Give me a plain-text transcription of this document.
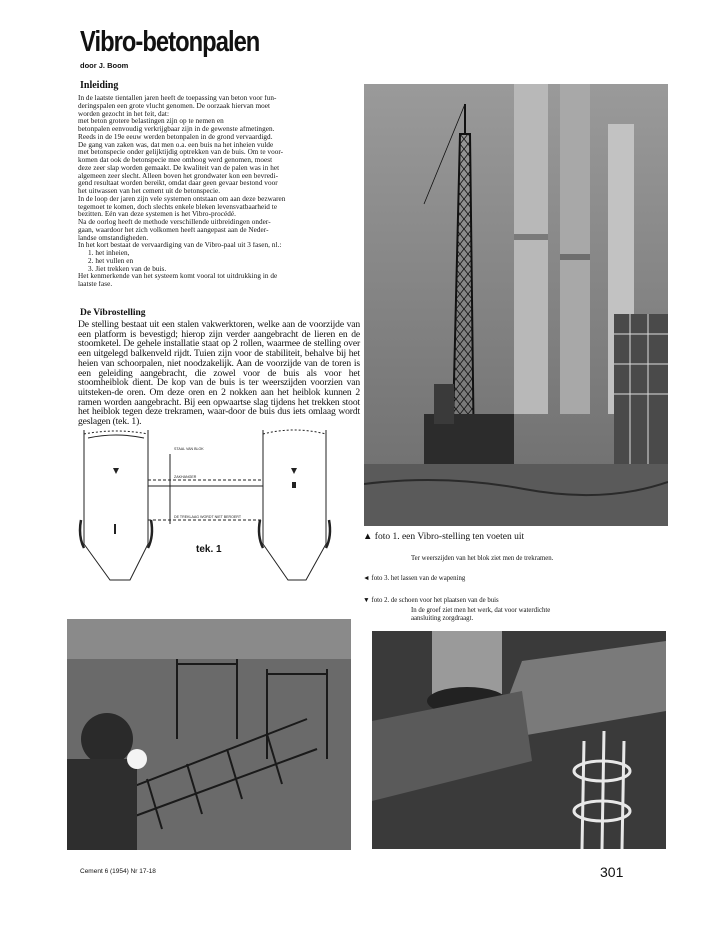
Vibro-betonpalen
door J. Boom
Inleiding
In de laatste tientallen jaren heeft de toepassing van beton voor fun-
deringspalen een grote vlucht genomen. De oorzaak hiervan moet
worden gezocht in het feit, dat:
met beton grotere belastingen zijn op te nemen en
betonpalen eenvoudig verkrijgbaar zijn in de gewenste afmetingen.
Reeds in de 19e eeuw werden betonpalen in de grond vervaardigd.
De gang van zaken was, dat men o.a. een buis na het inheien vulde
met betonspecie onder gelijktijdig optrekken van de buis. Om te voor-
komen dat ook de betonspecie mee omhoog werd genomen, moest
deze zeer slap worden gemaakt. De kwaliteit van de palen was in het
algemeen zeer slecht. Alleen boven het grondwater kon een bevredi-
gend resultaat worden bereikt, omdat daar geen gevaar bestond voor
het uitwassen van het cement uit de betonspecie.
In de loop der jaren zijn vele systemen ontstaan om aan deze bezwaren
tegemoet te komen, doch slechts enkele bleken levensvatbaarheid te
bezitten. Eén van deze systemen is het Vibro-procédé.
Na de oorlog heeft de methode verschillende uitbreidingen onder-
gaan, waardoor het zich volkomen heeft aangepast aan de Neder-
landse omstandigheden.
In het kort bestaat de vervaardiging van de Vibro-paal uit 3 fasen, nl.:
1. het inheien,
2. het vullen en
3. Jiet trekken van de buis.
Het kenmerkende van het systeem komt vooral tot uitdrukking in de
laatste fase.
De Vibrostelling

De stelling bestaat uit een stalen vakwerktoren, welke aan de voorzijde van een platform is bevestigd; hierop zijn verder aangebracht de lieren en de stoomketel. De gehele installatie staat op 2 rollen, waarmee de stelling over een uitgelegd balkenveld rijdt. Tuien zijn voor de stabiliteit, behalve bij het heien van schoorpalen, niet noodzakelijk. Aan de voorzijde van de toren is een geleiding aangebracht, die zowel voor de buis als voor het stoomheiblok dient. De kop van de buis is ter weerszijden voorzien van uitsteken-de oren. Om deze oren en 2 nokken aan het heiblok kunnen 2 ramen worden aangebracht. Bij een opwaartse slag tijdens het trekken stoot het heiblok tegen deze trekramen, waar-door de buis dus iets omlaag wordt geslagen (tek. 1).

STAAL VAN BLOK
ZAKHANGER
DE TREKLAAG WORDT NIET BEROERT
tek. 1
▲ foto 1. een Vibro-stelling ten voeten uit
Ter weerszijden van het blok ziet men de trekramen.
◄ foto 3. het lassen van de wapening
▼ foto 2. de schoen voor het plaatsen van de buis
In de groef ziet men het werk, dat voor waterdichte
aansluiting zorgdraagt.
Cement 6 (1954) Nr 17-18	301
